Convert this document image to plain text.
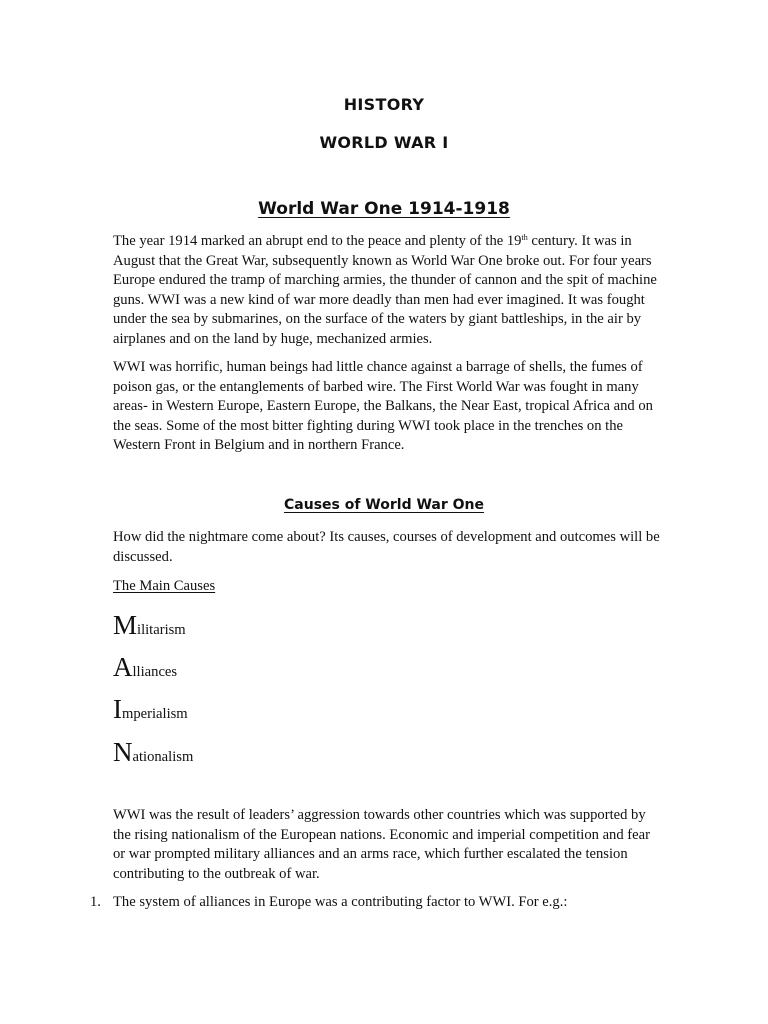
HISTORY
WORLD WAR I
World War One 1914-1918

The year 1914 marked an abrupt end to the peace and plenty of the 19th century. It was in
August that the Great War, subsequently known as World War One broke out. For four years
Europe endured the tramp of marching armies, the thunder of cannon and the spit of machine
guns. WWI was a new kind of war more deadly than men had ever imagined. It was fought
under the sea by submarines, on the surface of the waters by giant battleships, in the air by
airplanes and on the land by huge, mechanized armies.

WWI was horrific, human beings had little chance against a barrage of shells, the fumes of
poison gas, or the entanglements of barbed wire. The First World War was fought in many
areas- in Western Europe, Eastern Europe, the Balkans, the Near East, tropical Africa and on
the seas. Some of the most bitter fighting during WWI took place in the trenches on the
Western Front in Belgium and in northern France.

Causes of World War One

How did the nightmare come about? Its causes, courses of development and outcomes will be
discussed.

The Main Causes
Militarism
Alliances
Imperialism
Nationalism

WWI was the result of leaders’ aggression towards other countries which was supported by
the rising nationalism of the European nations. Economic and imperial competition and fear
or war prompted military alliances and an arms race, which further escalated the tension
contributing to the outbreak of war.

1. The system of alliances in Europe was a contributing factor to WWI. For e.g.:
